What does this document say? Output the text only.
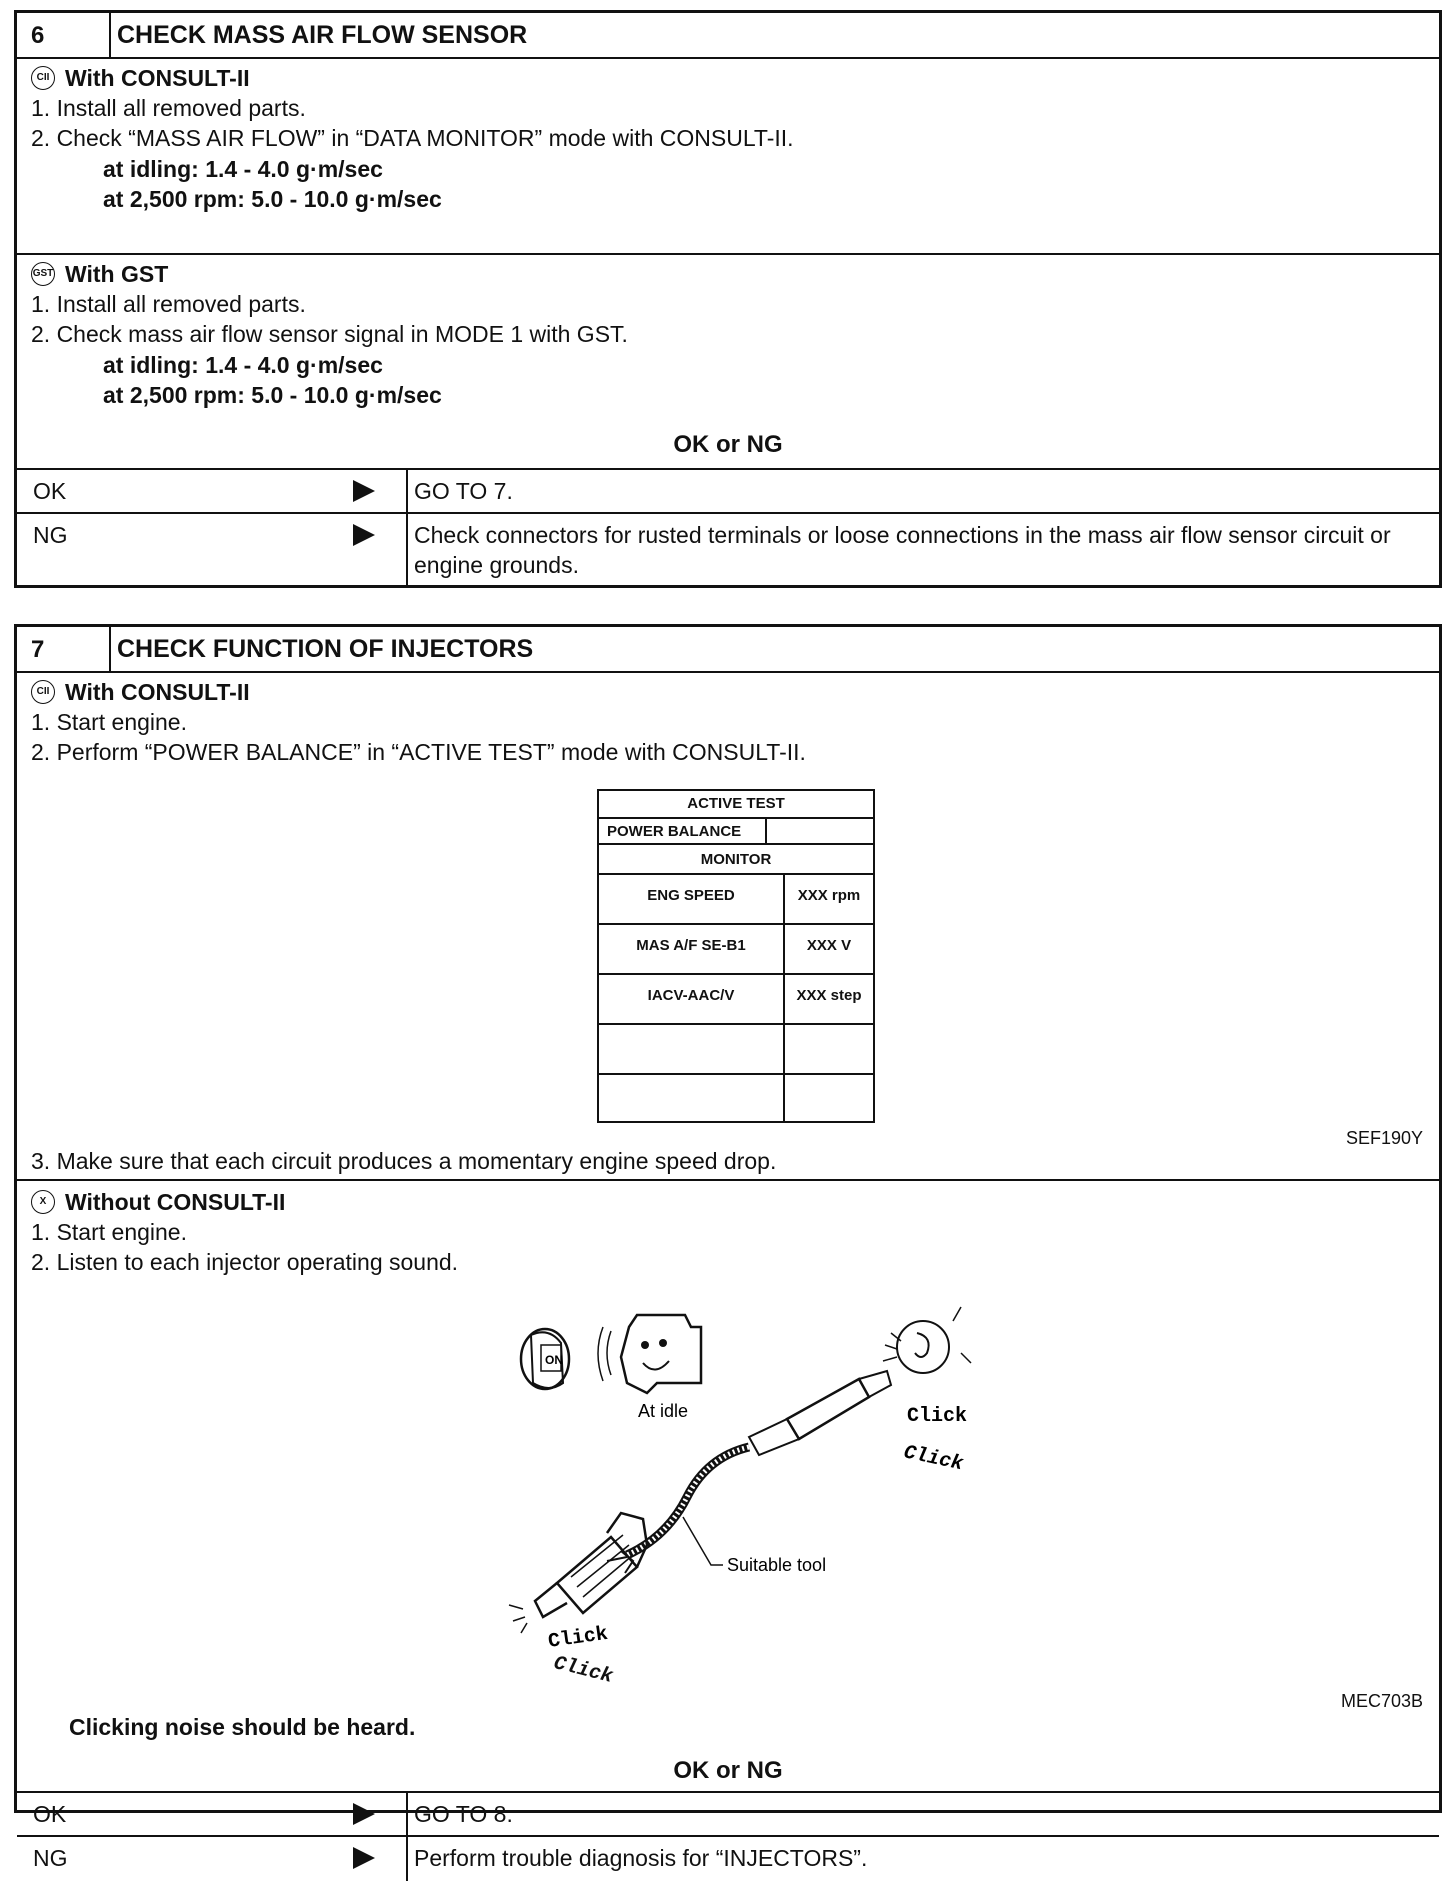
6	CHECK MASS AIR FLOW SENSOR
CII With CONSULT-II
1. Install all removed parts.
2. Check “MASS AIR FLOW” in “DATA MONITOR” mode with CONSULT-II.
at idling: 1.4 - 4.0 g·m/sec
at 2,500 rpm: 5.0 - 10.0 g·m/sec
GST With GST
1. Install all removed parts.
2. Check mass air flow sensor signal in MODE 1 with GST.
at idling: 1.4 - 4.0 g·m/sec
at 2,500 rpm: 5.0 - 10.0 g·m/sec
OK or NG
OK	GO TO 7.
NG	Check connectors for rusted terminals or loose connections in the mass air flow sensor circuit or engine grounds.
7	CHECK FUNCTION OF INJECTORS
CII With CONSULT-II
1. Start engine.
2. Perform “POWER BALANCE” in “ACTIVE TEST” mode with CONSULT-II.
ACTIVE TEST
POWER BALANCE
MONITOR
ENG SPEED	XXX rpm
MAS A/F SE-B1	XXX V
IACV-AAC/V	XXX step
SEF190Y
3. Make sure that each circuit produces a momentary engine speed drop.
X Without CONSULT-II
1. Start engine.
2. Listen to each injector operating sound.
ON
At idle	Click
Click
Click
Suitable tool
Click
MEC703B
Clicking noise should be heard.
OK or NG
OK	GO TO 8.
NG	Perform trouble diagnosis for “INJECTORS”.
